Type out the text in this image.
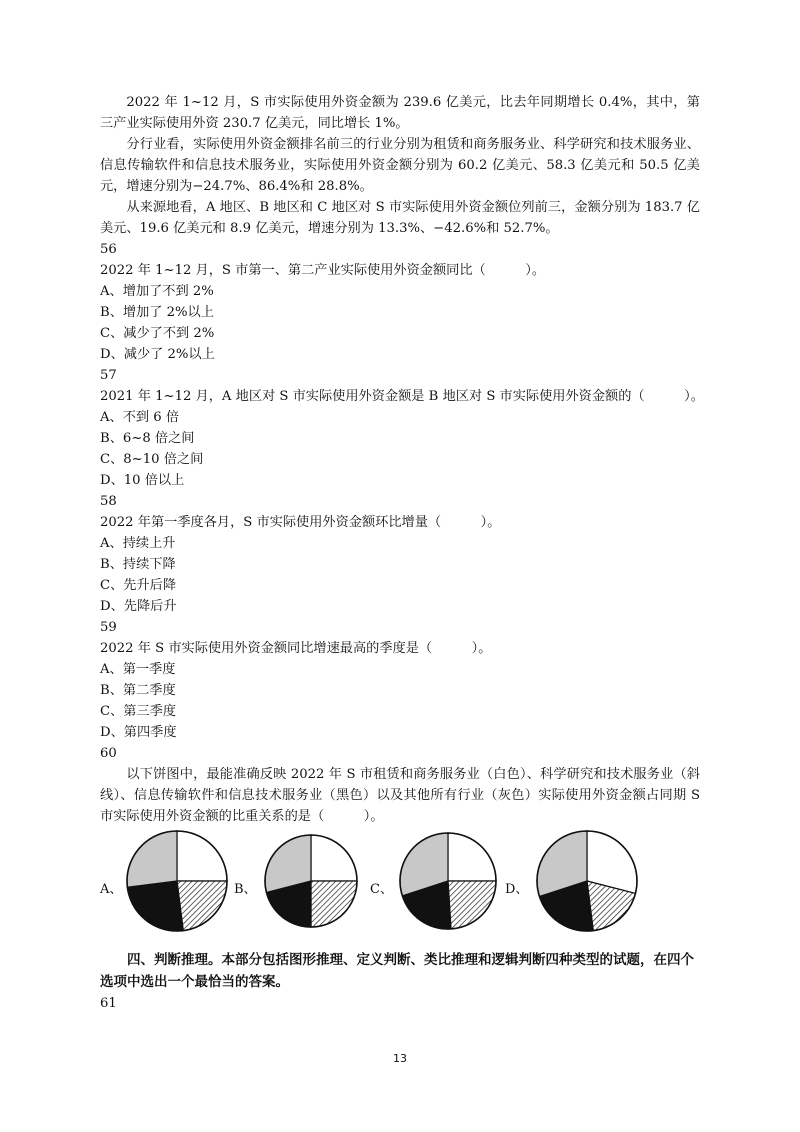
2022 年 1~12 月，S 市实际使用外资金额为 239.6 亿美元，比去年同期增长 0.4%，其中，第三产业实际使用外资 230.7 亿美元，同比增长 1%。

分行业看，实际使用外资金额排名前三的行业分别为租赁和商务服务业、科学研究和技术服务业、信息传输软件和信息技术服务业，实际使用外资金额分别为 60.2 亿美元、58.3 亿美元和 50.5 亿美元，增速分别为−24.7%、86.4%和 28.8%。

从来源地看，A 地区、B 地区和 C 地区对 S 市实际使用外资金额位列前三，金额分别为 183.7 亿美元、19.6 亿美元和 8.9 亿美元，增速分别为 13.3%、−42.6%和 52.7%。

56

2022 年 1~12 月，S 市第一、第二产业实际使用外资金额同比（　　　）。

A、增加了不到 2%

B、增加了 2%以上

C、减少了不到 2%

D、减少了 2%以上

57

2021 年 1~12 月，A 地区对 S 市实际使用外资金额是 B 地区对 S 市实际使用外资金额的（　　　）。

A、不到 6 倍

B、6~8 倍之间

C、8~10 倍之间

D、10 倍以上

58

2022 年第一季度各月，S 市实际使用外资金额环比增量（　　　）。

A、持续上升

B、持续下降

C、先升后降

D、先降后升

59

2022 年 S 市实际使用外资金额同比增速最高的季度是（　　　）。

A、第一季度

B、第二季度

C、第三季度

D、第四季度

60

以下饼图中，最能准确反映 2022 年 S 市租赁和商务服务业（白色）、科学研究和技术服务业（斜线）、信息传输软件和信息技术服务业（黑色）以及其他所有行业（灰色）实际使用外资金额占同期 S 市实际使用外资金额的比重关系的是（　　　）。

A、	B、	C、	D、

四、判断推理。本部分包括图形推理、定义判断、类比推理和逻辑判断四种类型的试题，在四个选项中选出一个最恰当的答案。

61

13
